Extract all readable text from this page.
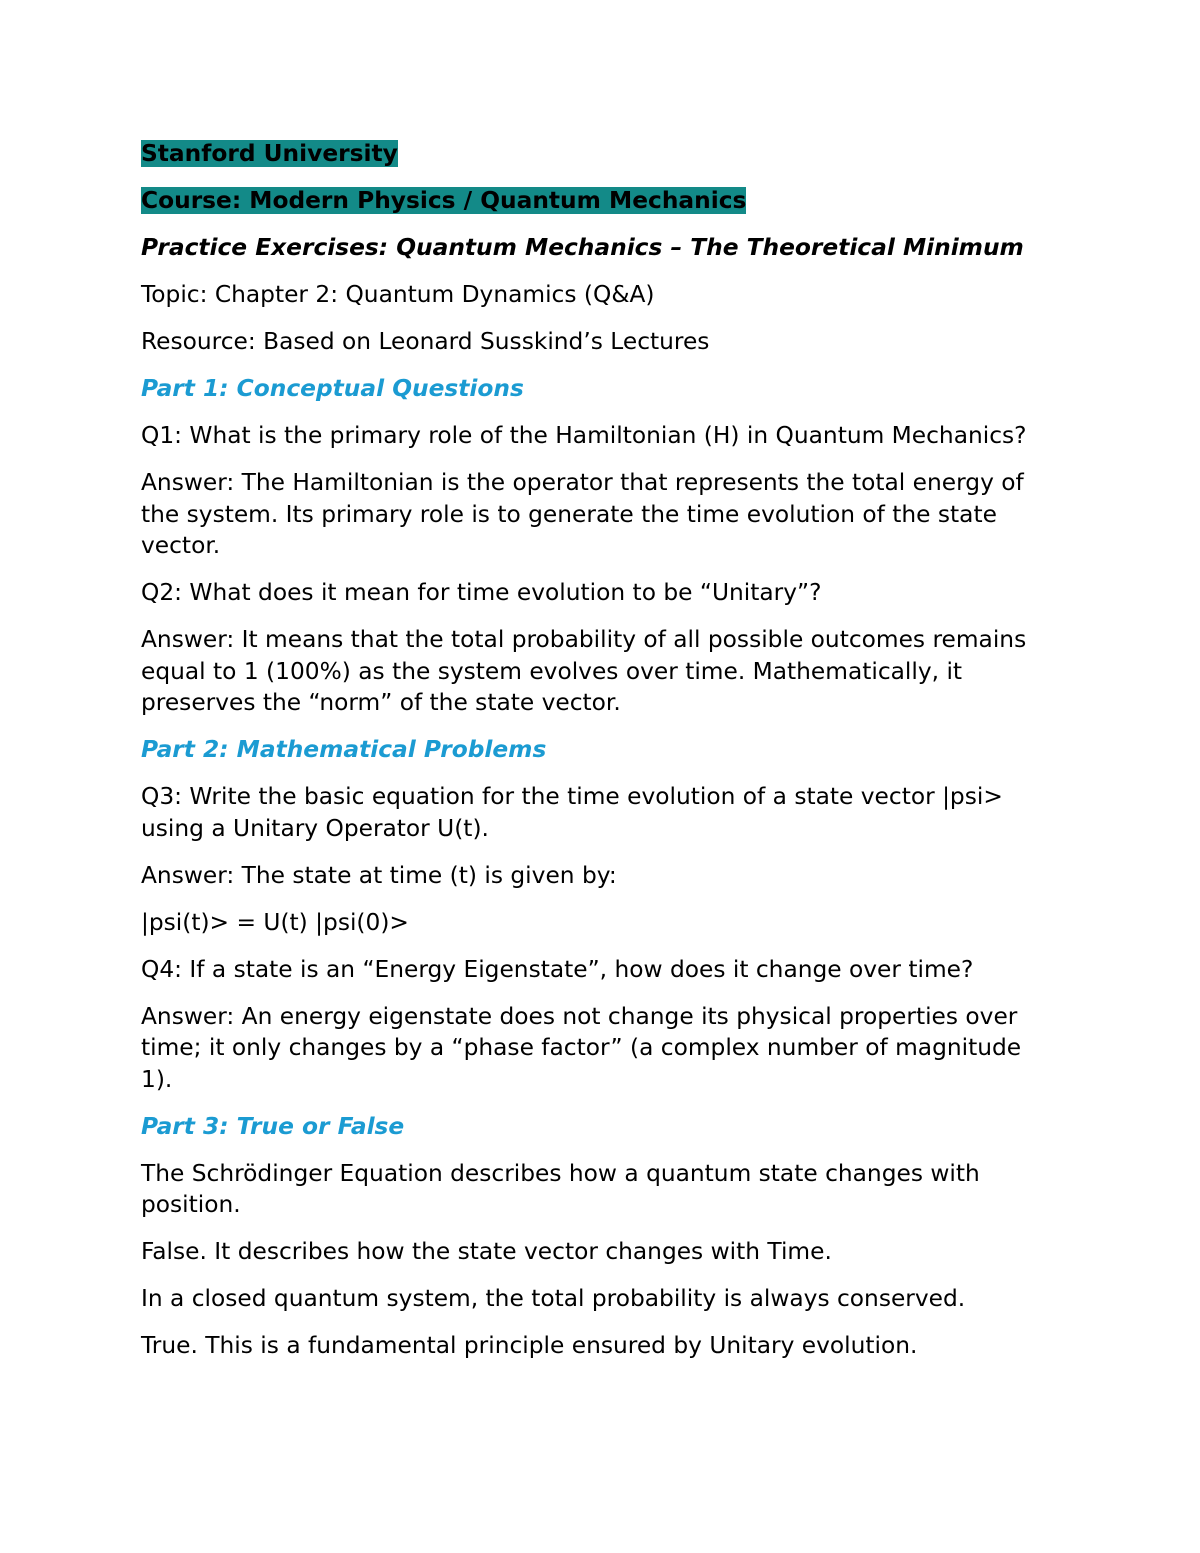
Stanford University

Course: Modern Physics / Quantum Mechanics

Practice Exercises: Quantum Mechanics – The Theoretical Minimum

Topic: Chapter 2: Quantum Dynamics (Q&A)

Resource: Based on Leonard Susskind’s Lectures

Part 1: Conceptual Questions

Q1: What is the primary role of the Hamiltonian (H) in Quantum Mechanics?

Answer: The Hamiltonian is the operator that represents the total energy of the system. Its primary role is to generate the time evolution of the state vector.

Q2: What does it mean for time evolution to be “Unitary”?

Answer: It means that the total probability of all possible outcomes remains equal to 1 (100%) as the system evolves over time. Mathematically, it preserves the “norm” of the state vector.

Part 2: Mathematical Problems

Q3: Write the basic equation for the time evolution of a state vector |psi> using a Unitary Operator U(t).

Answer: The state at time (t) is given by:

|psi(t)> = U(t) |psi(0)>

Q4: If a state is an “Energy Eigenstate”, how does it change over time?

Answer: An energy eigenstate does not change its physical properties over time; it only changes by a “phase factor” (a complex number of magnitude 1).

Part 3: True or False

The Schrödinger Equation describes how a quantum state changes with position.

False. It describes how the state vector changes with Time.

In a closed quantum system, the total probability is always conserved.

True. This is a fundamental principle ensured by Unitary evolution.
